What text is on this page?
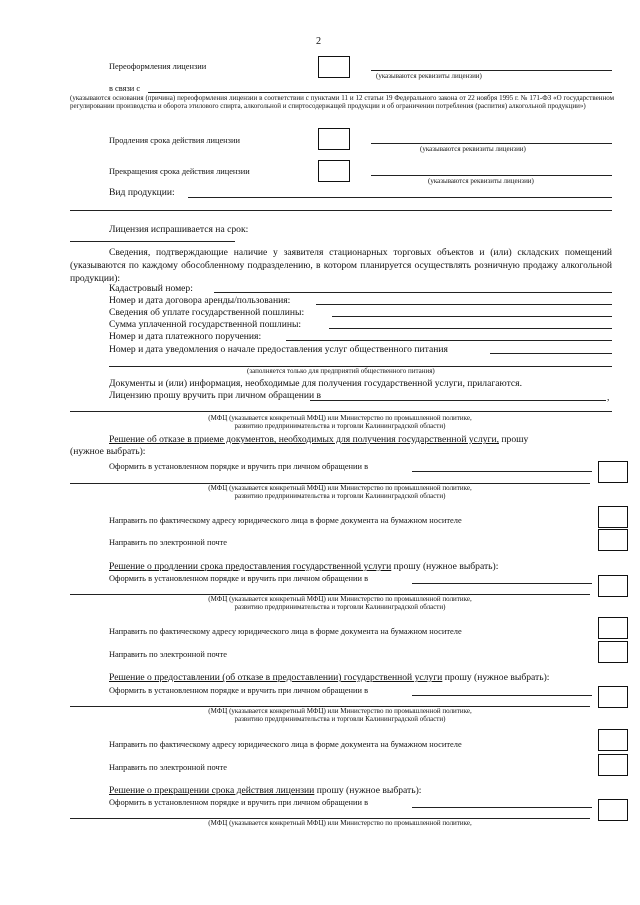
2
Переоформления лицензии
(указываются реквизиты лицензии)
в связи с
(указываются основания (причина) переоформления лицензии в соответствии с пунктами 11 и 12 статьи 19 Федерального закона от 22 ноября 1995 г. № 171-ФЗ «О государственном регулировании производства и оборота этилового спирта, алкогольной и спиртосодержащей продукции и об ограничении потребления (распития) алкогольной продукции»)
Продления срока действия лицензии
(указываются реквизиты лицензии)
Прекращения срока действия лицензии
(указываются реквизиты лицензии)
Вид продукции:
Лицензия испрашивается на срок:
Сведения, подтверждающие наличие у заявителя стационарных торговых объектов и (или) складских помещений (указываются по каждому обособленному подразделению, в котором планируется осуществлять розничную продажу алкогольной продукции):
Кадастровый номер:
Номер и дата договора аренды/пользования:
Сведения об уплате государственной пошлины:
Сумма уплаченной государственной пошлины:
Номер и дата платежного поручения:
Номер и дата уведомления о начале предоставления услуг общественного питания
(заполняется только для предприятий общественного питания)
Документы и (или) информация, необходимые для получения государственной услуги, прилагаются.
Лицензию прошу вручить при личном обращении в	,
(МФЦ (указывается конкретный МФЦ) или Министерство по промышленной политике,
развитию предпринимательства и торговли Калининградской области)
Решение об отказе в приеме документов, необходимых для получения государственной услуги, прошу
(нужное выбрать):
Оформить в установленном порядке и вручить при личном обращении в
(МФЦ (указывается конкретный МФЦ) или Министерство по промышленной политике,
развитию предпринимательства и торговли Калининградской области)
Направить по фактическому адресу юридического лица в форме документа на бумажном носителе
Направить по электронной почте
Решение о продлении срока предоставления государственной услуги прошу (нужное выбрать):
Оформить в установленном порядке и вручить при личном обращении в
(МФЦ (указывается конкретный МФЦ) или Министерство по промышленной политике,
развитию предпринимательства и торговли Калининградской области)
Направить по фактическому адресу юридического лица в форме документа на бумажном носителе
Направить по электронной почте
Решение о предоставлении (об отказе в предоставлении) государственной услуги прошу (нужное выбрать):
Оформить в установленном порядке и вручить при личном обращении в
(МФЦ (указывается конкретный МФЦ) или Министерство по промышленной политике,
развитию предпринимательства и торговли Калининградской области)
Направить по фактическому адресу юридического лица в форме документа на бумажном носителе
Направить по электронной почте
Решение о прекращении срока действия лицензии прошу (нужное выбрать):
Оформить в установленном порядке и вручить при личном обращении в
(МФЦ (указывается конкретный МФЦ) или Министерство по промышленной политике,
